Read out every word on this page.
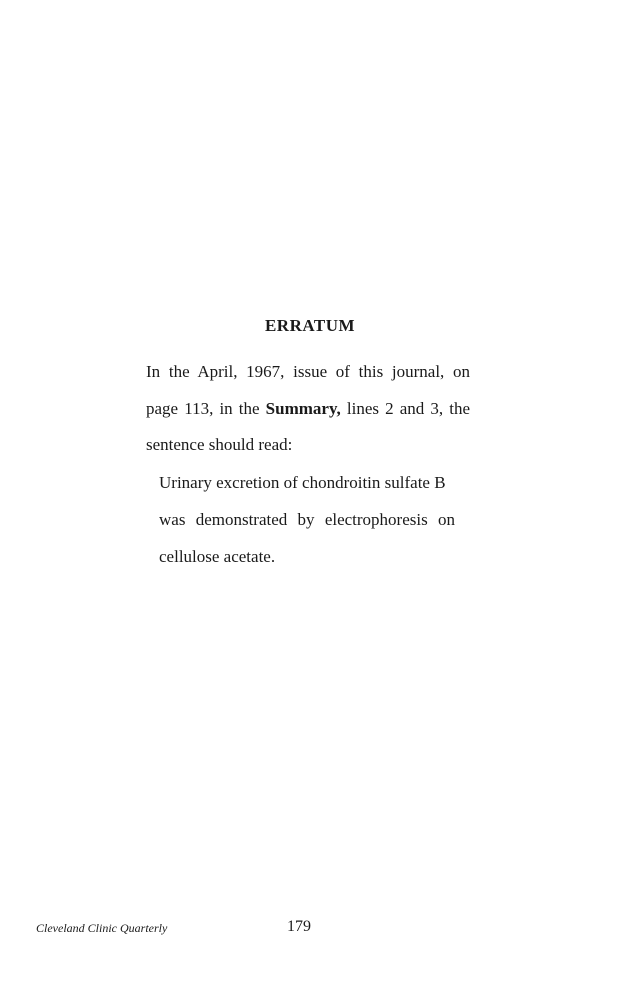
ERRATUM
In the April, 1967, issue of this journal, on
page 113, in the Summary, lines 2 and 3, the
sentence should read:
Urinary excretion of chondroitin sulfate B
was demonstrated by electrophoresis on
cellulose acetate.
Cleveland Clinic Quarterly	179
